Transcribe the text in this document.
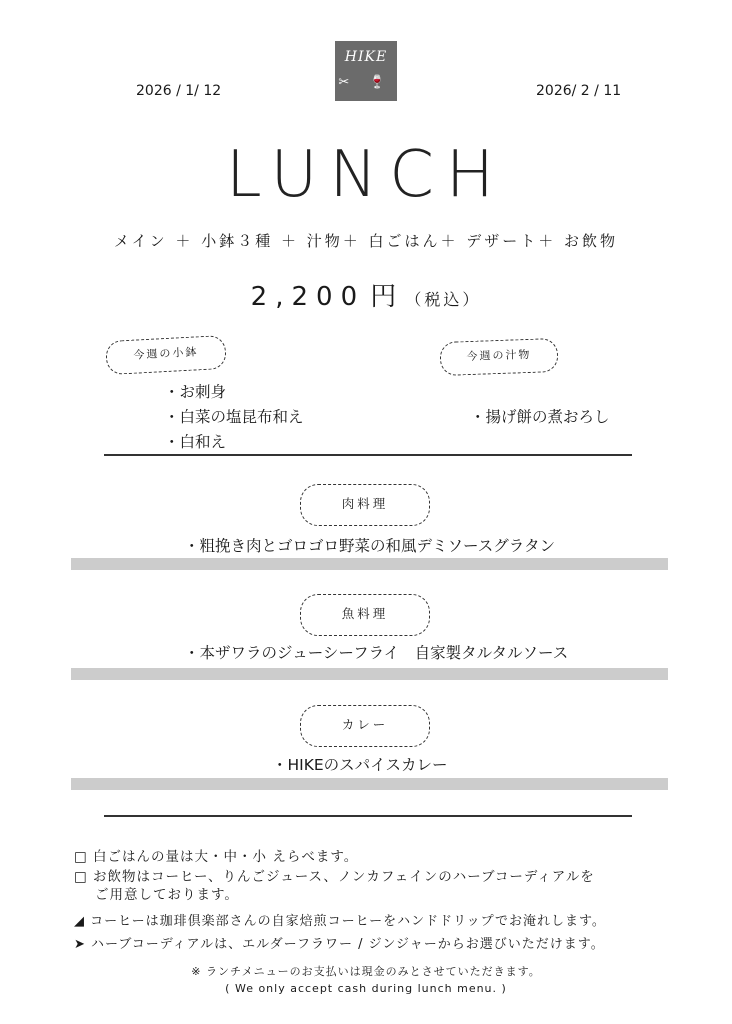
HIKE
✂ 🍷
2026 / 1/ 12	2026/ 2 / 11
LUNCH
メイン ＋ 小鉢３種 ＋ 汁物＋ 白ごはん＋ デザート＋ お飲物
2,200 円 （税込）
今週の小鉢
・お刺身
・白菜の塩昆布和え
・白和え
今週の汁物
・揚げ餅の煮おろし
肉料理
・粗挽き肉とゴロゴロ野菜の和風デミソースグラタン
魚料理
・本ザワラのジューシーフライ　自家製タルタルソース
カレー
・HIKEのスパイスカレー
□ 白ごはんの量は大・中・小 えらべます。
□ お飲物はコーヒー、りんごジュース、ノンカフェインのハーブコーディアルを
ご用意しております。
◢ コーヒーは珈琲倶楽部さんの自家焙煎コーヒーをハンドドリップでお淹れします。
➤ ハーブコーディアルは、エルダーフラワー / ジンジャーからお選びいただけます。
※ ランチメニューのお支払いは現金のみとさせていただきます。
( We only accept cash during lunch menu. )
